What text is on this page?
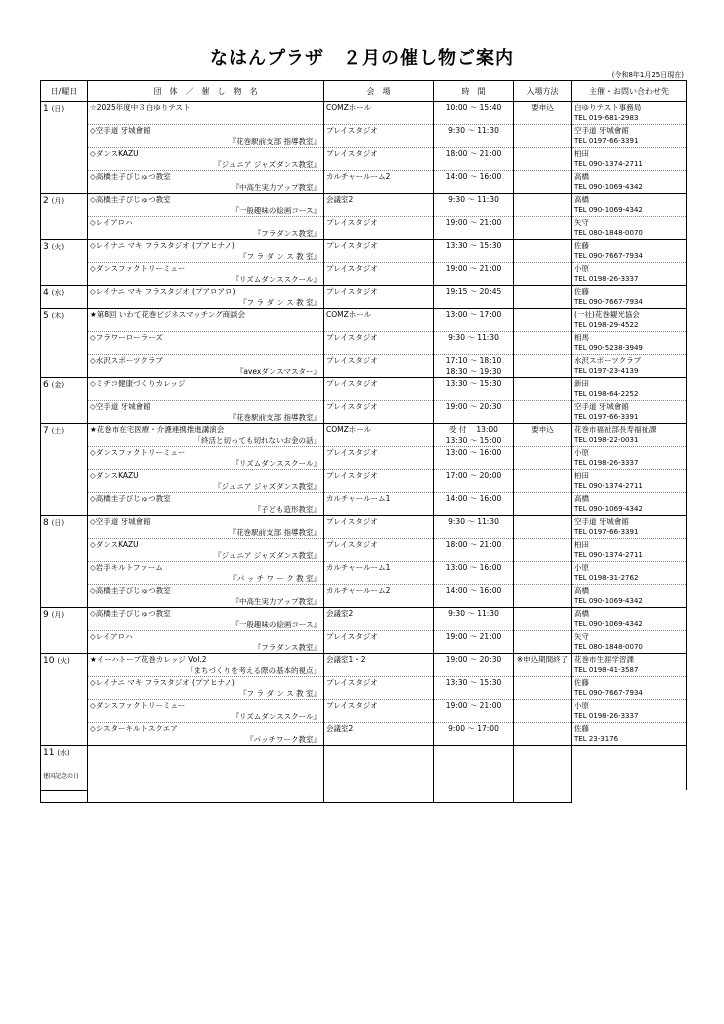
なはんプラザ　２月の催し物ご案内
(令和8年1月25日現在)
日/曜日	団　体　／　催　し　物　名	会　場	時　間	入場方法	主催・お問い合わせ先
1 (日)	☆2025年度中３白ゆりテスト	COMZホール	10:00 ～ 15:40	要申込	白ゆりテスト事務局
					TEL 019-681-2983
	◇空手道 牙城會館	プレイスタジオ	9:30 ～ 11:30		空手道 牙城會館
	『花巻駅前支部 指導教室』				TEL 0197-66-3391
	◇ダンスKAZU	プレイスタジオ	18:00 ～ 21:00		柏田
	『ジュニア ジャズダンス教室』				TEL 090-1374-2711
	◇高橋圭子びじゅつ教室	カルチャールーム2	14:00 ～ 16:00		高橋
	『中高生実力アップ教室』				TEL 090-1069-4342
2 (月)	◇高橋圭子びじゅつ教室	会議室2	9:30 ～ 11:30		高橋
	『一般趣味の絵画コース』				TEL 090-1069-4342
	◇レイアロハ	プレイスタジオ	19:00 ～ 21:00		矢守
	『フラダンス教室』				TEL 080-1848-0070
3 (火)	◇レイナニ マキ フラスタジオ (プアヒナノ)	プレイスタジオ	13:30 ～ 15:30		佐藤
	『フ ラ ダ ン ス 教 室』				TEL 090-7667-7934
	◇ダンスファクトリーミュー	プレイスタジオ	19:00 ～ 21:00		小原
	『リズムダンススクール』				TEL 0198-26-3337
4 (水)	◇レイナニ マキ フラスタジオ (プアロアロ)	プレイスタジオ	19:15 ～ 20:45		佐藤
	『フ ラ ダ ン ス 教 室』				TEL 090-7667-7934
5 (木)	★第8回 いわて花巻ビジネスマッチング商談会	COMZホール	13:00 ～ 17:00		(一社)花巻観光協会
					TEL 0198-29-4522
	◇フラワーローラーズ	プレイスタジオ	9:30 ～ 11:30		相馬
					TEL 090-5238-3949
	◇水沢スポーツクラブ	プレイスタジオ	17:10 ～ 18:10		水沢スポーツクラブ
	『avexダンスマスター』		18:30 ～ 19:30		TEL 0197-23-4139
6 (金)	◇ミチコ健康づくりカレッジ	プレイスタジオ	13:30 ～ 15:30		新田
					TEL 0198-64-2252
	◇空手道 牙城會館	プレイスタジオ	19:00 ～ 20:30		空手道 牙城會館
	『花巻駅前支部 指導教室』				TEL 0197-66-3391
7 (土)	★花巻市在宅医療・介護連携推進講演会	COMZホール	受 付　 13:00	要申込	花巻市福祉部長寿福祉課
	「終活と切っても切れないお金の話」		13:30 ～ 15:00		TEL 0198-22-0031
	◇ダンスファクトリーミュー	プレイスタジオ	13:00 ～ 16:00		小原
	『リズムダンススクール』				TEL 0198-26-3337
	◇ダンスKAZU	プレイスタジオ	17:00 ～ 20:00		柏田
	『ジュニア ジャズダンス教室』				TEL 090-1374-2711
	◇高橋圭子びじゅつ教室	カルチャールーム1	14:00 ～ 16:00		高橋
	『子ども造形教室』				TEL 090-1069-4342
8 (日)	◇空手道 牙城會館	プレイスタジオ	9:30 ～ 11:30		空手道 牙城會館
	『花巻駅前支部 指導教室』				TEL 0197-66-3391
	◇ダンスKAZU	プレイスタジオ	18:00 ～ 21:00		柏田
	『ジュニア ジャズダンス教室』				TEL 090-1374-2711
	◇岩手キルトファーム	カルチャールーム1	13:00 ～ 16:00		小原
	『パ ッ チ ワ ー ク 教 室』				TEL 0198-31-2762
	◇高橋圭子びじゅつ教室	カルチャールーム2	14:00 ～ 16:00		高橋
	『中高生実力アップ教室』				TEL 090-1069-4342
9 (月)	◇高橋圭子びじゅつ教室	会議室2	9:30 ～ 11:30		高橋
	『一般趣味の絵画コース』				TEL 090-1069-4342
	◇レイアロハ	プレイスタジオ	19:00 ～ 21:00		矢守
	『フラダンス教室』				TEL 080-1848-0070
10 (火)	★イーハトーブ花巻カレッジ Vol.2	会議室1・2	19:00 ～ 20:30	※申込期間終了	花巻市生涯学習課
	「まちづくりを考える際の基本的視点」				TEL 0198-41-3587
	◇レイナニ マキ フラスタジオ (プアヒナノ)	プレイスタジオ	13:30 ～ 15:30		佐藤
	『フ ラ ダ ン ス 教 室』				TEL 090-7667-7934
	◇ダンスファクトリーミュー	プレイスタジオ	19:00 ～ 21:00		小原
	『リズムダンススクール』				TEL 0198-26-3337
	◇シスターキルトスクエア	会議室2	9:00 ～ 17:00		佐藤
	『パッチワーク教室』				TEL 23-3176
11 (水)
建国記念の日					
